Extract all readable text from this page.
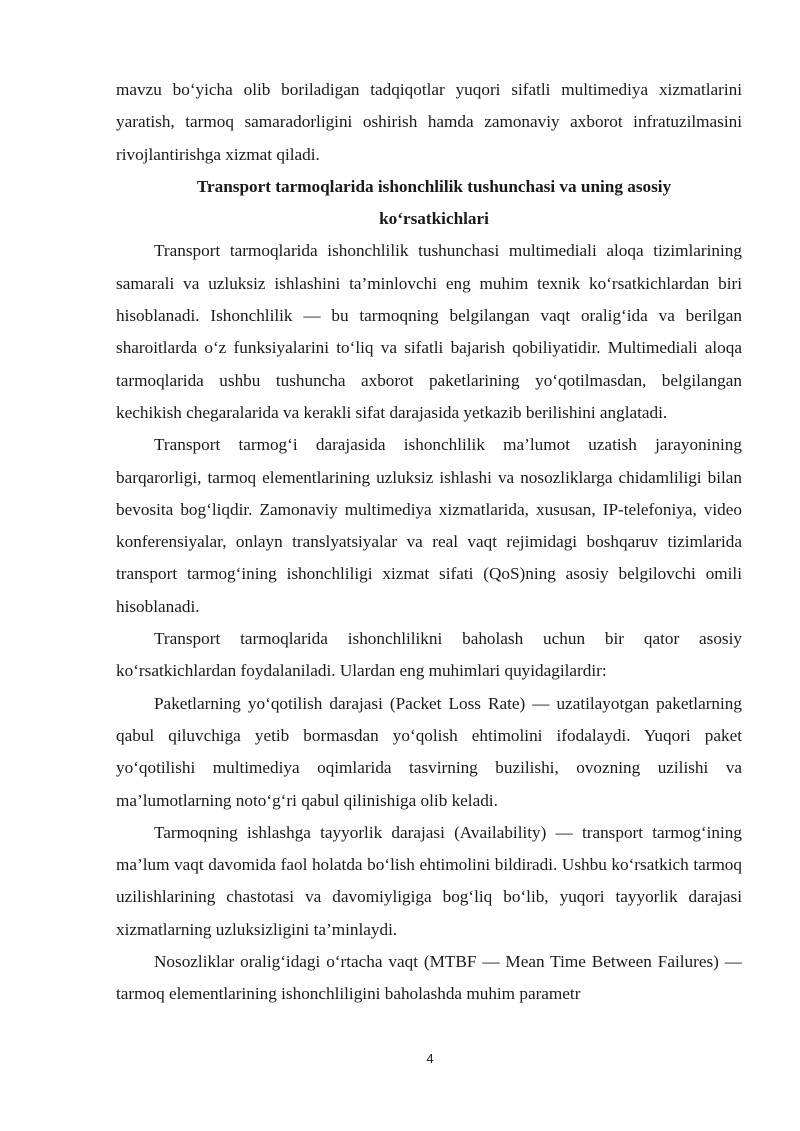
mavzu bo‘yicha olib boriladigan tadqiqotlar yuqori sifatli multimediya xizmatlarini yaratish, tarmoq samaradorligini oshirish hamda zamonaviy axborot infratuzilmasini rivojlantirishga xizmat qiladi.

Transport tarmoqlarida ishonchlilik tushunchasi va uning asosiy
ko‘rsatkichlari

Transport tarmoqlarida ishonchlilik tushunchasi multimediali aloqa tizimlarining samarali va uzluksiz ishlashini ta’minlovchi eng muhim texnik ko‘rsatkichlardan biri hisoblanadi. Ishonchlilik — bu tarmoqning belgilangan vaqt oralig‘ida va berilgan sharoitlarda o‘z funksiyalarini to‘liq va sifatli bajarish qobiliyatidir. Multimediali aloqa tarmoqlarida ushbu tushuncha axborot paketlarining yo‘qotilmasdan, belgilangan kechikish chegaralarida va kerakli sifat darajasida yetkazib berilishini anglatadi.

Transport tarmog‘i darajasida ishonchlilik ma’lumot uzatish jarayonining barqarorligi, tarmoq elementlarining uzluksiz ishlashi va nosozliklarga chidamliligi bilan bevosita bog‘liqdir. Zamonaviy multimediya xizmatlarida, xususan, IP-telefoniya, video konferensiyalar, onlayn translyatsiyalar va real vaqt rejimidagi boshqaruv tizimlarida transport tarmog‘ining ishonchliligi xizmat sifati (QoS)ning asosiy belgilovchi omili hisoblanadi.

Transport tarmoqlarida ishonchlilikni baholash uchun bir qator asosiy ko‘rsatkichlardan foydalaniladi. Ulardan eng muhimlari quyidagilardir:

Paketlarning yo‘qotilish darajasi (Packet Loss Rate) — uzatilayotgan paketlarning qabul qiluvchiga yetib bormasdan yo‘qolish ehtimolini ifodalaydi. Yuqori paket yo‘qotilishi multimediya oqimlarida tasvirning buzilishi, ovozning uzilishi va ma’lumotlarning noto‘g‘ri qabul qilinishiga olib keladi.

Tarmoqning ishlashga tayyorlik darajasi (Availability) — transport tarmog‘ining ma’lum vaqt davomida faol holatda bo‘lish ehtimolini bildiradi. Ushbu ko‘rsatkich tarmoq uzilishlarining chastotasi va davomiyligiga bog‘liq bo‘lib, yuqori tayyorlik darajasi xizmatlarning uzluksizligini ta’minlaydi.

Nosozliklar oralig‘idagi o‘rtacha vaqt (MTBF — Mean Time Between Failures) — tarmoq elementlarining ishonchliligini baholashda muhim parametr

4
